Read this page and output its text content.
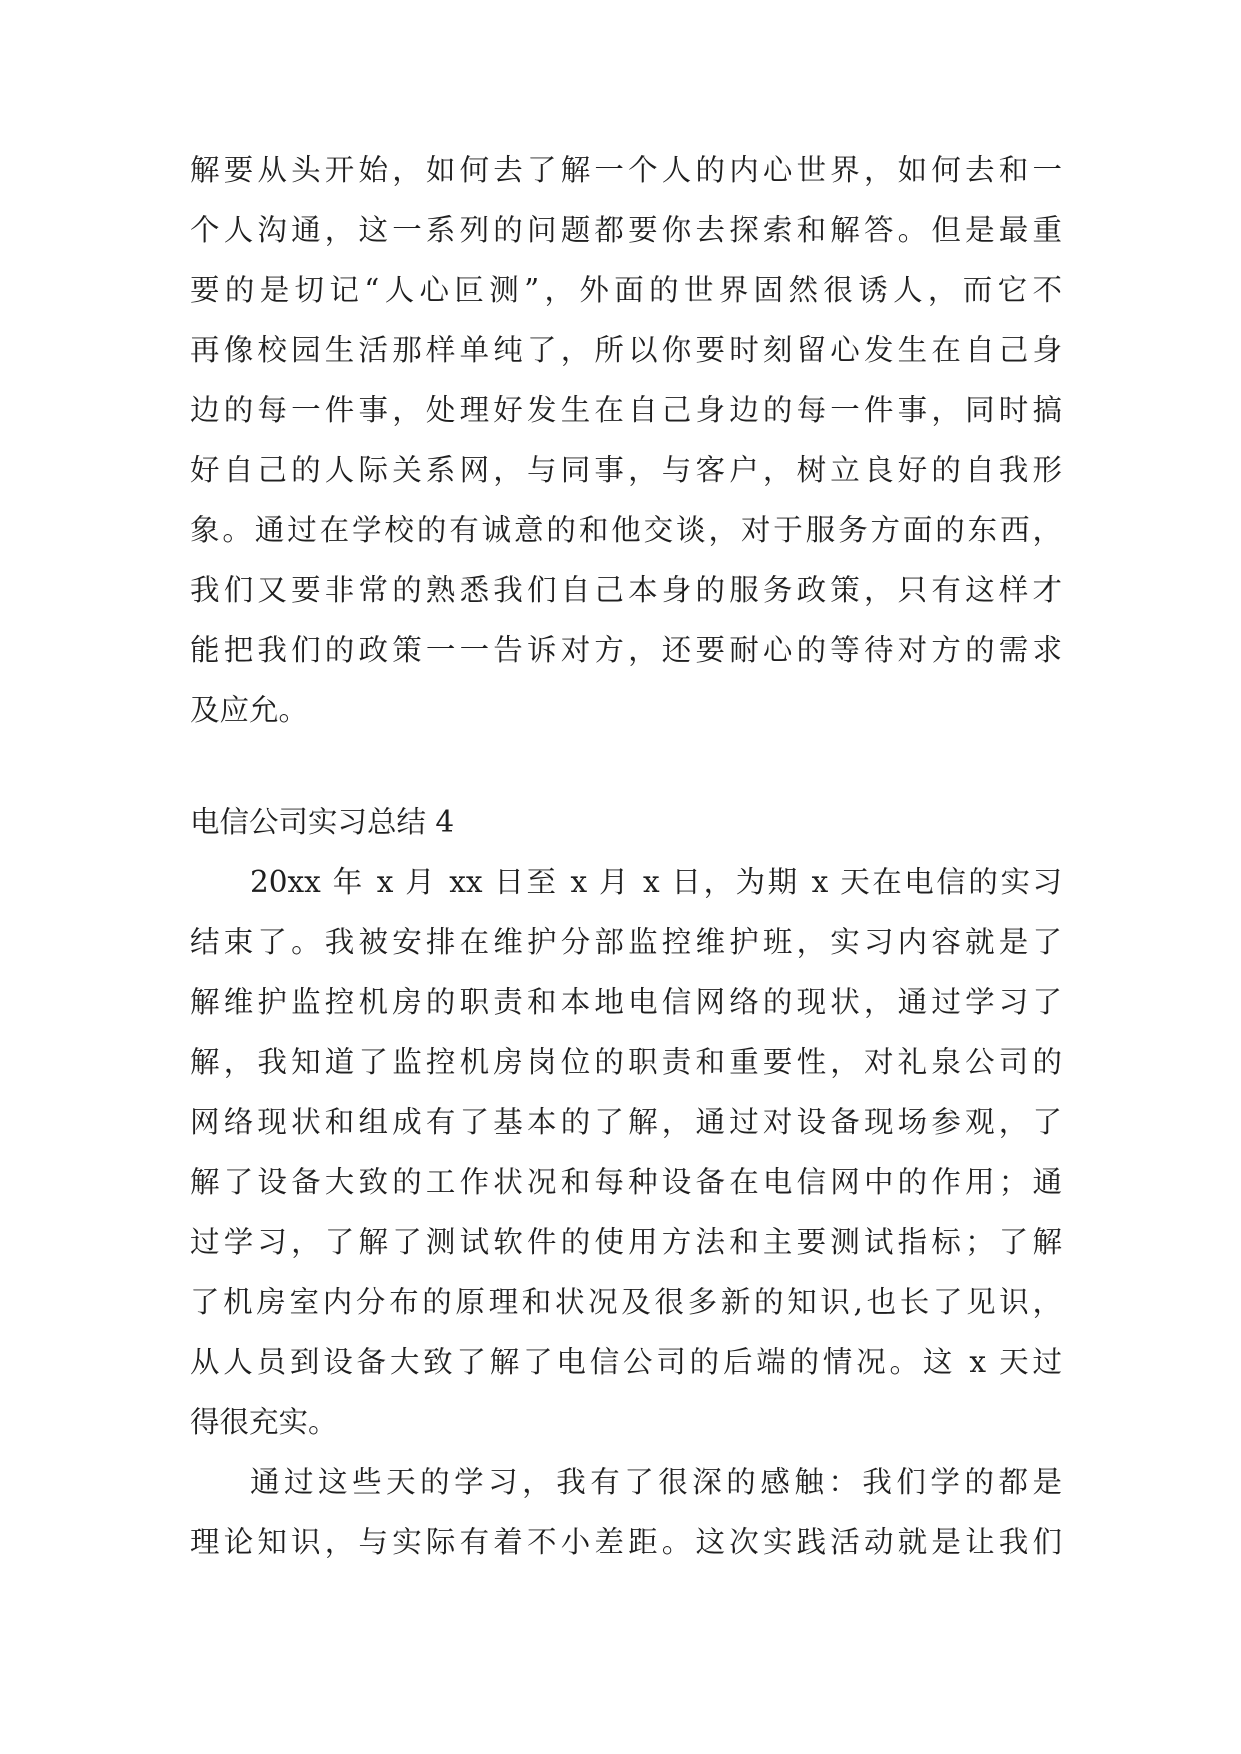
解要从头开始，如何去了解一个人的内心世界，如何去和一
个人沟通，这一系列的问题都要你去探索和解答。但是最重
要的是切记“人心叵测”，外面的世界固然很诱人，而它不
再像校园生活那样单纯了，所以你要时刻留心发生在自己身
边的每一件事，处理好发生在自己身边的每一件事，同时搞
好自己的人际关系网，与同事，与客户，树立良好的自我形
象。通过在学校的有诚意的和他交谈，对于服务方面的东西，
我们又要非常的熟悉我们自己本身的服务政策，只有这样才
能把我们的政策一一告诉对方，还要耐心的等待对方的需求
及应允。
电信公司实习总结 4
20xx 年 x 月 xx 日至 x 月 x 日，为期 x 天在电信的实习
结束了。我被安排在维护分部监控维护班，实习内容就是了
解维护监控机房的职责和本地电信网络的现状，通过学习了
解，我知道了监控机房岗位的职责和重要性，对礼泉公司的
网络现状和组成有了基本的了解，通过对设备现场参观，了
解了设备大致的工作状况和每种设备在电信网中的作用；通
过学习，了解了测试软件的使用方法和主要测试指标；了解
了机房室内分布的原理和状况及很多新的知识,也长了见识，
从人员到设备大致了解了电信公司的后端的情况。这 x 天过
得很充实。
通过这些天的学习，我有了很深的感触：我们学的都是
理论知识，与实际有着不小差距。这次实践活动就是让我们
